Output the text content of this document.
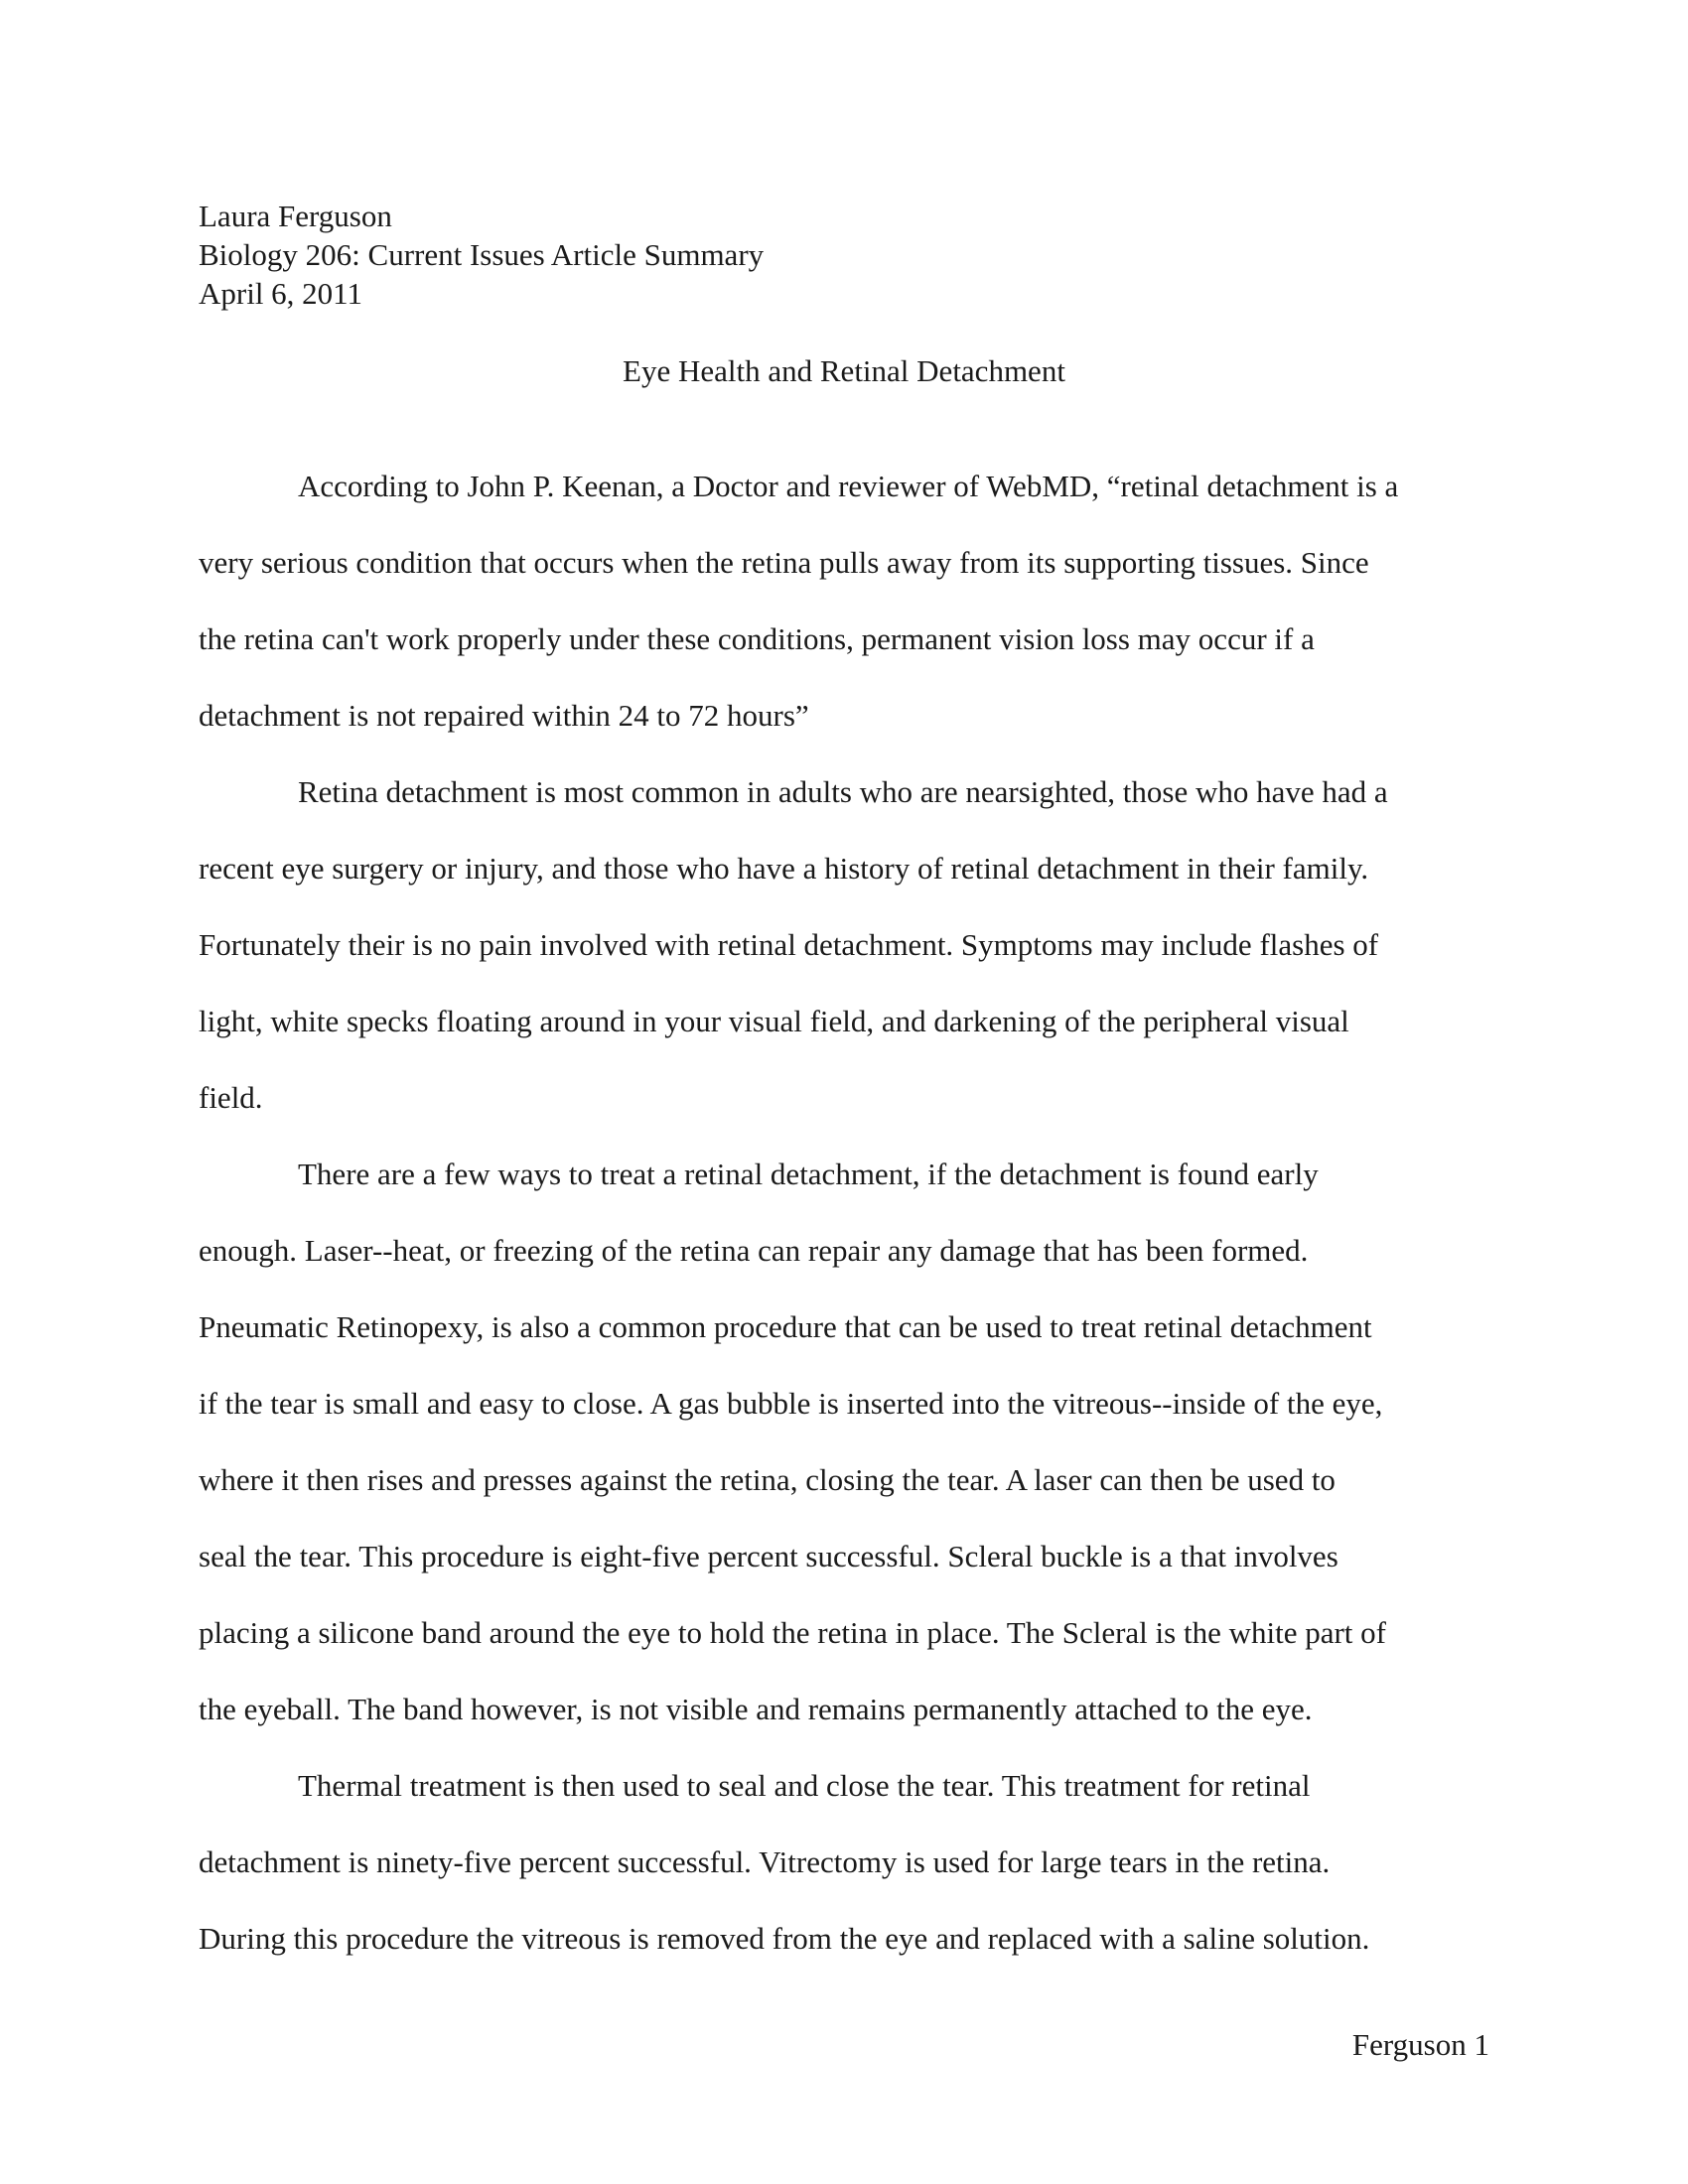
Laura Ferguson
Biology 206: Current Issues Article Summary
April 6, 2011
Eye Health and Retinal Detachment
According to John P. Keenan, a Doctor and reviewer of WebMD, “retinal detachment is a
very serious condition that occurs when the retina pulls away from its supporting tissues. Since
the retina can't work properly under these conditions, permanent vision loss may occur if a
detachment is not repaired within 24 to 72 hours”
Retina detachment is most common in adults who are nearsighted, those who have had a
recent eye surgery or injury, and those who have a history of retinal detachment in their family.
Fortunately their is no pain involved with retinal detachment. Symptoms may include flashes of
light, white specks floating around in your visual field, and darkening of the peripheral visual
field.
There are a few ways to treat a retinal detachment, if the detachment is found early
enough. Laser--heat, or freezing of the retina can repair any damage that has been formed.
Pneumatic Retinopexy, is also a common procedure that can be used to treat retinal detachment
if the tear is small and easy to close. A gas bubble is inserted into the vitreous--inside of the eye,
where it then rises and presses against the retina, closing the tear. A laser can then be used to
seal the tear. This procedure is eight-five percent successful. Scleral buckle is a that involves
placing a silicone band around the eye to hold the retina in place. The Scleral is the white part of
the eyeball. The band however, is not visible and remains permanently attached to the eye.
Thermal treatment is then used to seal and close the tear. This treatment for retinal
detachment is ninety-five percent successful. Vitrectomy is used for large tears in the retina.
During this procedure the vitreous is removed from the eye and replaced with a saline solution.
Ferguson 1
